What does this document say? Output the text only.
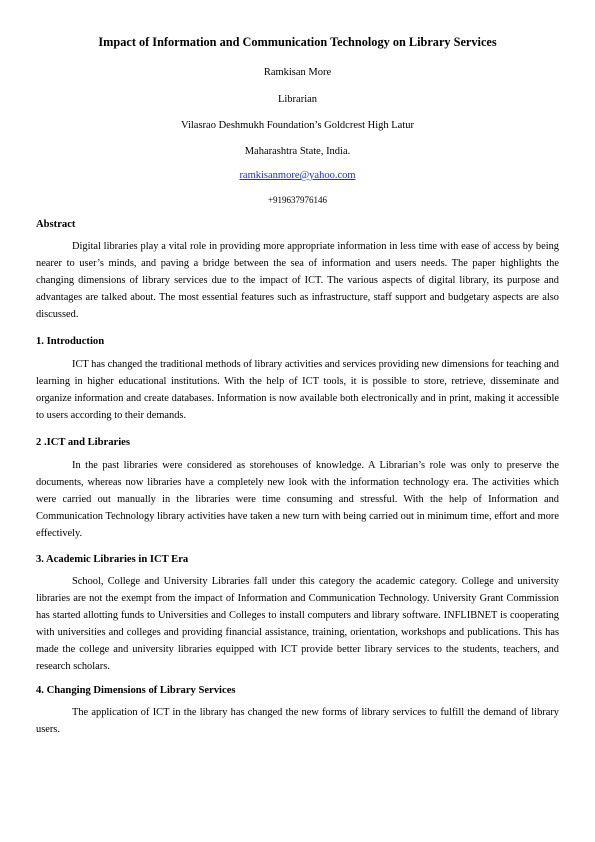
Impact of Information and Communication Technology on Library Services

Ramkisan More

Librarian

Vilasrao Deshmukh Foundation’s Goldcrest High Latur

Maharashtra State, India.

ramkisanmore@yahoo.com

+919637976146

Abstract

Digital libraries play a vital role in providing more appropriate information in less time with ease of access by being nearer to user’s minds, and paving a bridge between the sea of information and users needs. The paper highlights the changing dimensions of library services due to the impact of ICT. The various aspects of digital library, its purpose and advantages are talked about. The most essential features such as infrastructure, staff support and budgetary aspects are also discussed.

1. Introduction

ICT has changed the traditional methods of library activities and services providing new dimensions for teaching and learning in higher educational institutions. With the help of ICT tools, it is possible to store, retrieve, disseminate and organize information and create databases. Information is now available both electronically and in print, making it accessible to users according to their demands.

2 .ICT and Libraries

In the past libraries were considered as storehouses of knowledge. A Librarian’s role was only to preserve the documents, whereas now libraries have a completely new look with the information technology era. The activities which were carried out manually in the libraries were time consuming and stressful. With the help of Information and Communication Technology library activities have taken a new turn with being carried out in minimum time, effort and more effectively.

3. Academic Libraries in ICT Era

School, College and University Libraries fall under this category the academic category. College and university libraries are not the exempt from the impact of Information and Communication Technology. University Grant Commission has started allotting funds to Universities and Colleges to install computers and library software. INFLIBNET is cooperating with universities and colleges and providing financial assistance, training, orientation, workshops and publications. This has made the college and university libraries equipped with ICT provide better library services to the students, teachers, and research scholars.

4. Changing Dimensions of Library Services

The application of ICT in the library has changed the new forms of library services to fulfill the demand of library users.
